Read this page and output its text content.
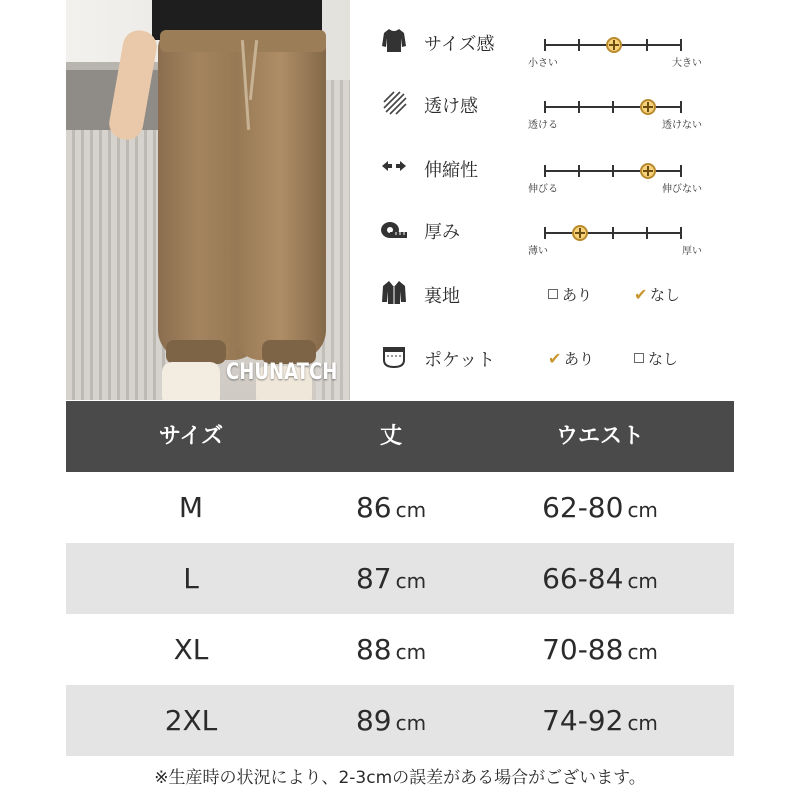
CHUNATCH
サイズ感
小さい	大きい
透け感
透ける	透けない
伸縮性
伸びる	伸びない
厚み
薄い	厚い
裏地	あり	✔ なし
ポケット	✔ あり	なし
サイズ	丈	ウエスト
M	86 cm	62-80 cm
L	87 cm	66-84 cm
XL	88 cm	70-88 cm
2XL	89 cm	74-92 cm
※生産時の状況により、2-3cmの誤差がある場合がございます。
